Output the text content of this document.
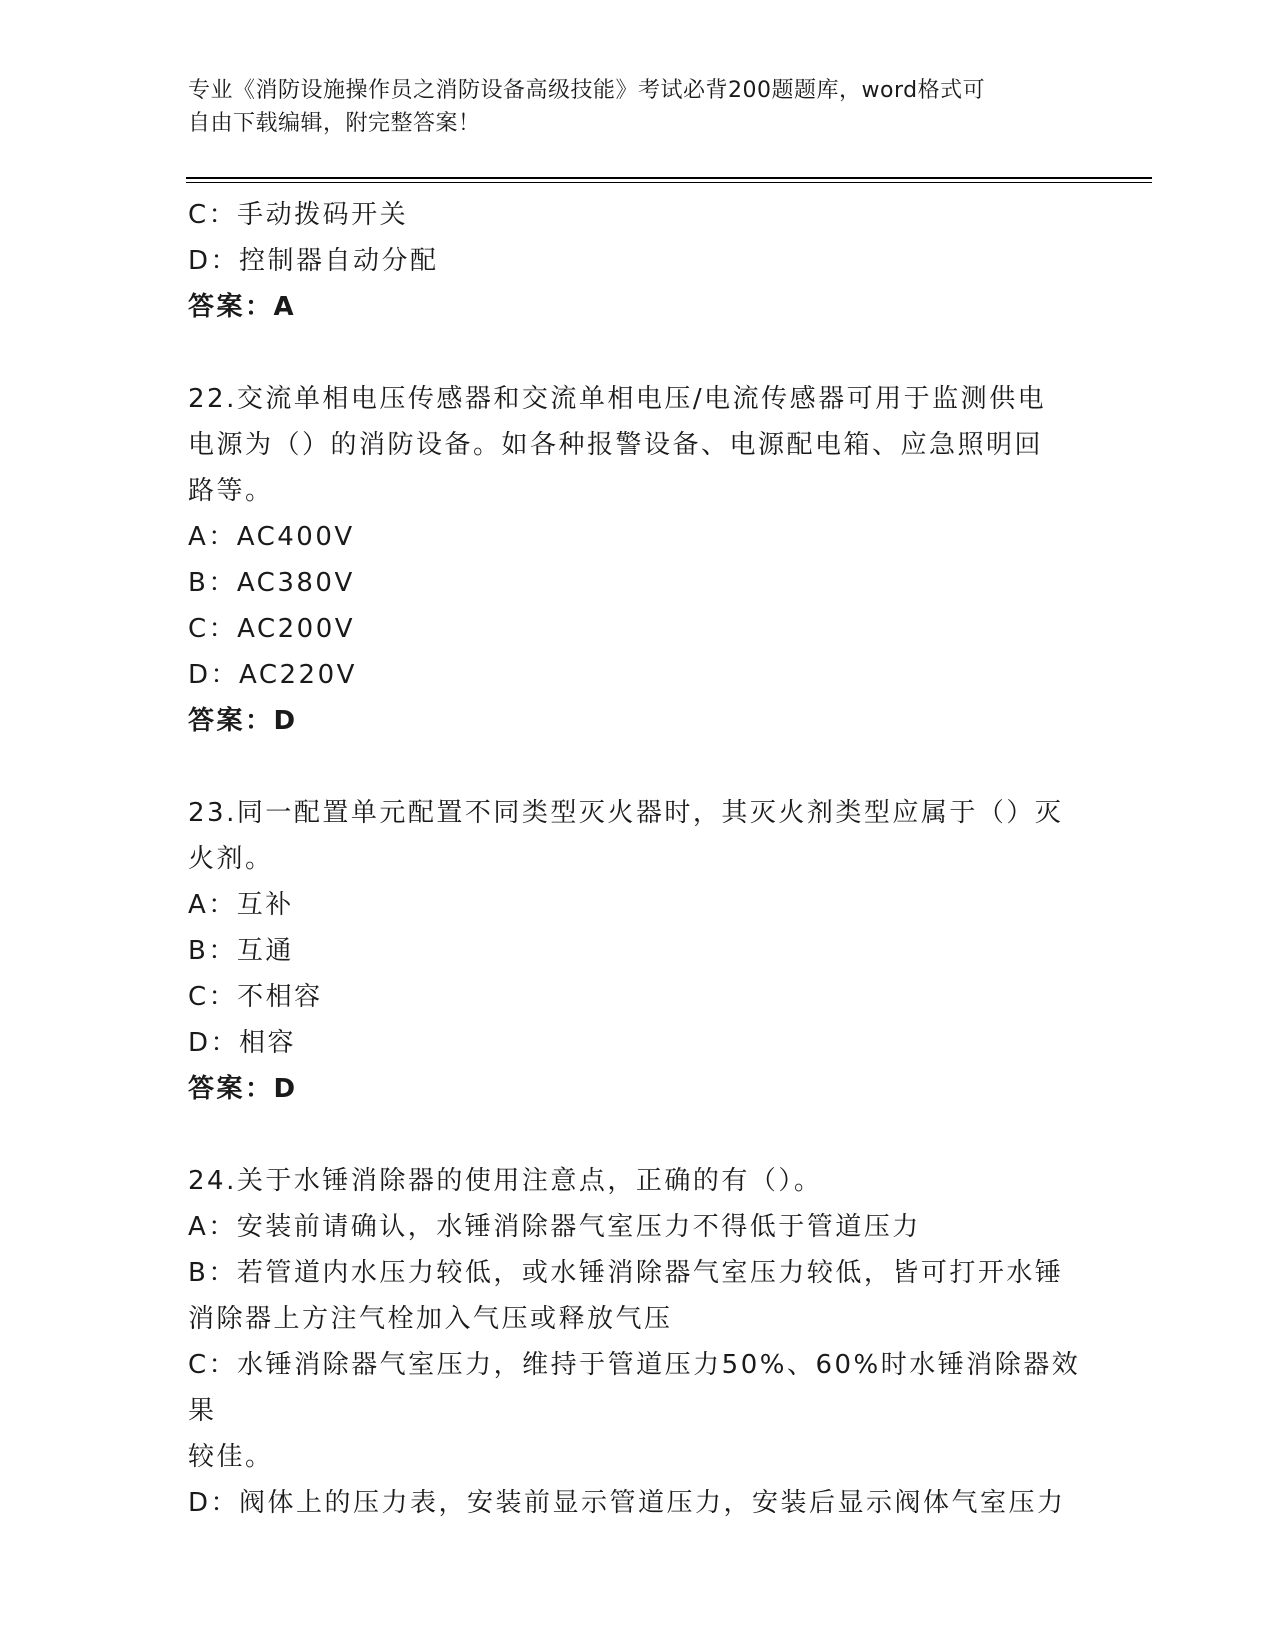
专业《消防设施操作员之消防设备高级技能》考试必背200题题库，word格式可
自由下载编辑，附完整答案！
C：手动拨码开关
D：控制器自动分配
答案：A
22.交流单相电压传感器和交流单相电压/电流传感器可用于监测供电
电源为（）的消防设备。如各种报警设备、电源配电箱、应急照明回
路等。
A：AC400V
B：AC380V
C：AC200V
D：AC220V
答案：D
23.同一配置单元配置不同类型灭火器时，其灭火剂类型应属于（）灭
火剂。
A：互补
B：互通
C：不相容
D：相容
答案：D
24.关于水锤消除器的使用注意点，正确的有（）。
A：安装前请确认，水锤消除器气室压力不得低于管道压力
B：若管道内水压力较低，或水锤消除器气室压力较低，皆可打开水锤
消除器上方注气栓加入气压或释放气压
C：水锤消除器气室压力，维持于管道压力50%、60%时水锤消除器效果
较佳。
D：阀体上的压力表，安装前显示管道压力，安装后显示阀体气室压力
